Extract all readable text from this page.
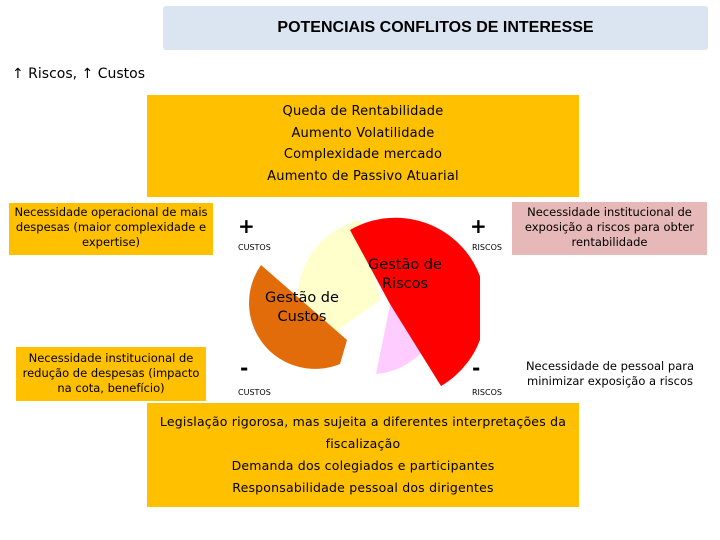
POTENCIAIS CONFLITOS DE INTERESSE
↑ Riscos, ↑ Custos
Queda de Rentabilidade
Aumento Volatilidade
Complexidade mercado
Aumento de Passivo Atuarial
Necessidade operacional de mais despesas (maior complexidade e expertise)
Necessidade institucional de redução de despesas (impacto na cota, benefício)
Necessidade institucional de exposição a riscos para obter rentabilidade
Necessidade de pessoal para minimizar exposição a riscos
+
CUSTOS
+
RISCOS
-
CUSTOS
-
RISCOS
Gestão de Custos
Gestão de Riscos
Legislação rigorosa, mas sujeita a diferentes interpretações da fiscalização
Demanda dos colegiados e participantes
Responsabilidade pessoal dos dirigentes
